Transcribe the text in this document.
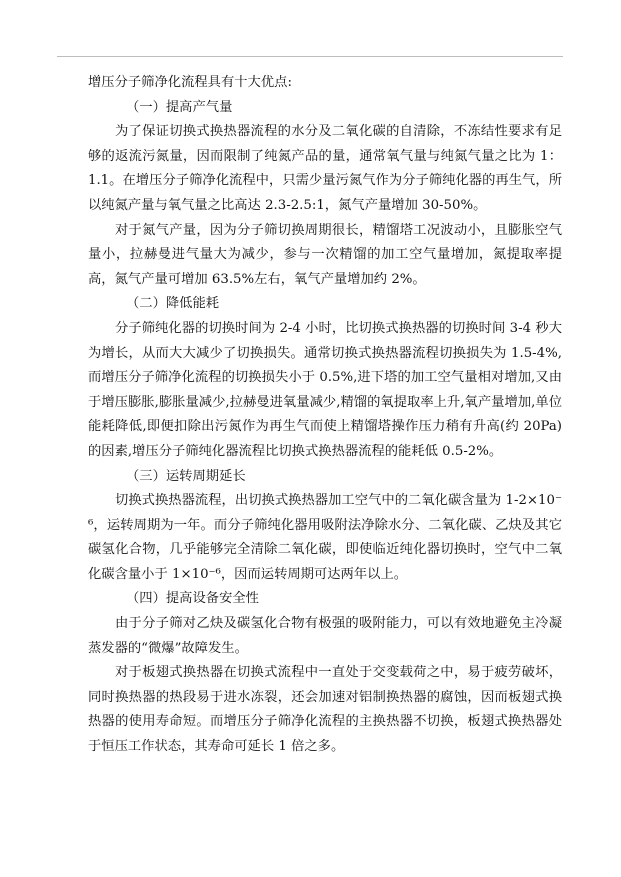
增压分子筛净化流程具有十大优点:

（一）提高产气量

为了保证切换式换热器流程的水分及二氧化碳的自清除，不冻结性要求有足够的返流污氮量，因而限制了纯氮产品的量，通常氧气量与纯氮气量之比为 1：1.1。在增压分子筛净化流程中，只需少量污氮气作为分子筛纯化器的再生气，所以纯氮产量与氧气量之比高达 2.3-2.5:1，氮气产量增加 30-50%。

对于氮气产量，因为分子筛切换周期很长，精馏塔工况波动小，且膨胀空气量小，拉赫曼进气量大为减少，参与一次精馏的加工空气量增加，氮提取率提高，氮气产量可增加 63.5%左右，氧气产量增加约 2%。

（二）降低能耗

分子筛纯化器的切换时间为 2-4 小时，比切换式换热器的切换时间 3-4 秒大为增长，从而大大减少了切换损失。通常切换式换热器流程切换损失为 1.5-4%,而增压分子筛净化流程的切换损失小于 0.5%,进下塔的加工空气量相对增加,又由于增压膨胀,膨胀量减少,拉赫曼进氧量减少,精馏的氧提取率上升,氧产量增加,单位能耗降低,即便扣除出污氮作为再生气而使上精馏塔操作压力稍有升高(约 20Pa)的因素,增压分子筛纯化器流程比切换式换热器流程的能耗低 0.5-2%。

（三）运转周期延长

切换式换热器流程，出切换式换热器加工空气中的二氧化碳含量为 1-2×10⁻⁶，运转周期为一年。而分子筛纯化器用吸附法净除水分、二氧化碳、乙炔及其它碳氢化合物，几乎能够完全清除二氧化碳，即使临近纯化器切换时，空气中二氧化碳含量小于 1×10⁻⁶，因而运转周期可达两年以上。

（四）提高设备安全性

由于分子筛对乙炔及碳氢化合物有极强的吸附能力，可以有效地避免主冷凝蒸发器的“微爆”故障发生。

对于板翅式换热器在切换式流程中一直处于交变载荷之中，易于疲劳破坏，同时换热器的热段易于进水冻裂，还会加速对铝制换热器的腐蚀，因而板翅式换热器的使用寿命短。而增压分子筛净化流程的主换热器不切换，板翅式换热器处于恒压工作状态，其寿命可延长 1 倍之多。
